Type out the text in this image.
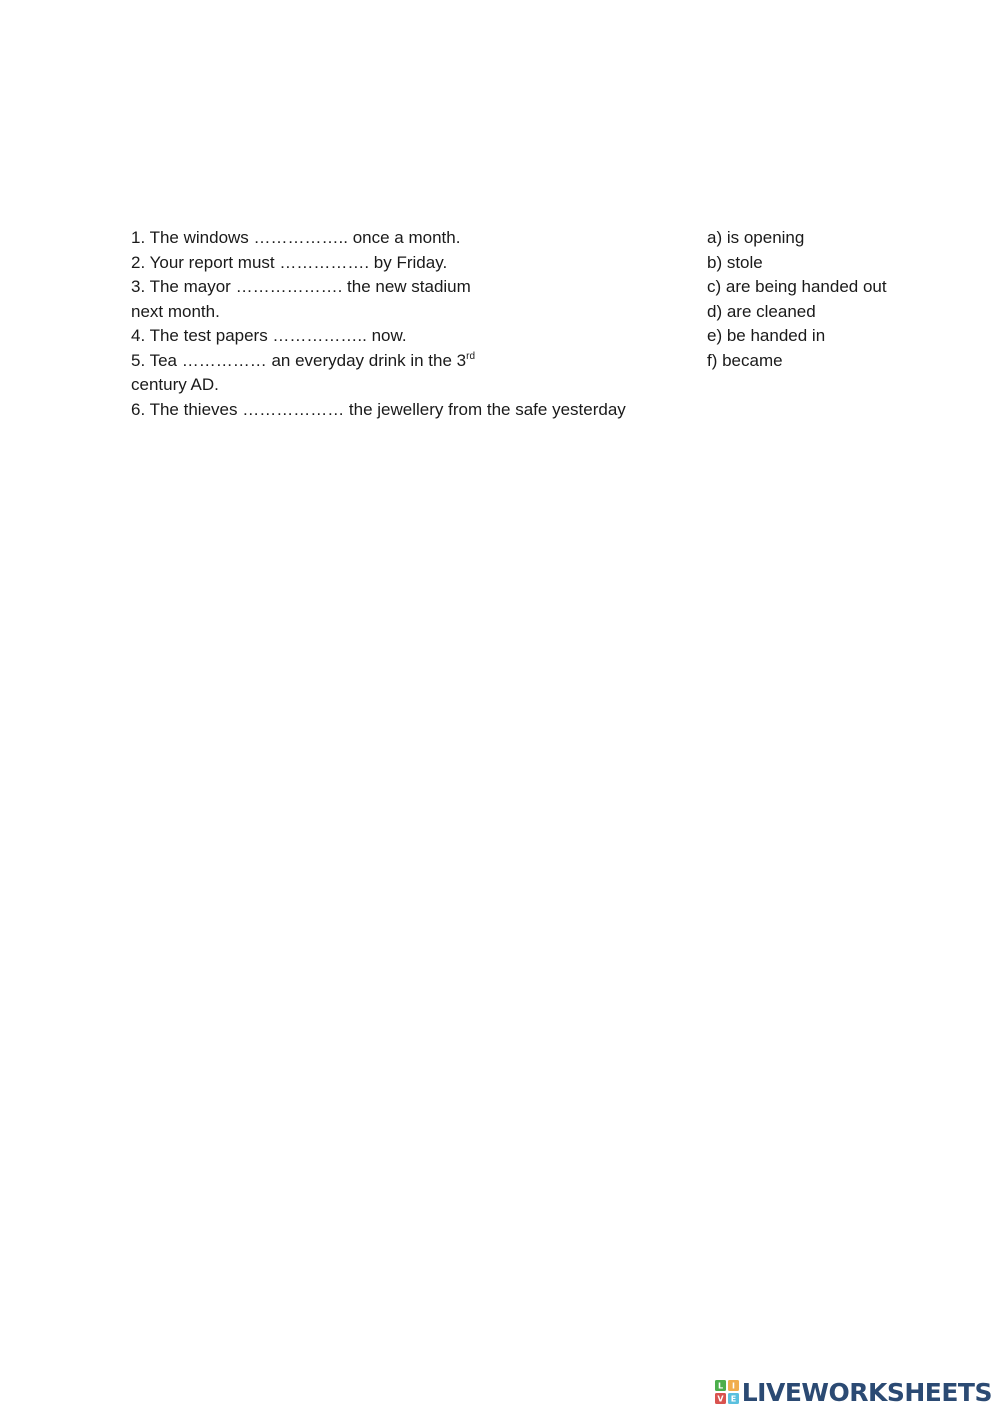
1. The windows …………….. once a month.
2. Your report must ……………. by Friday.
3. The mayor ………………. the new stadium
next month.
4. The test papers …………….. now.
5. Tea …………… an everyday drink in the 3rd
century AD.
6. The thieves ……………… the jewellery from the safe yesterday
a) is opening
b) stole
c) are being handed out
d) are cleaned
e) be handed in
f) became
L I
V E LIVEWORKSHEETS
